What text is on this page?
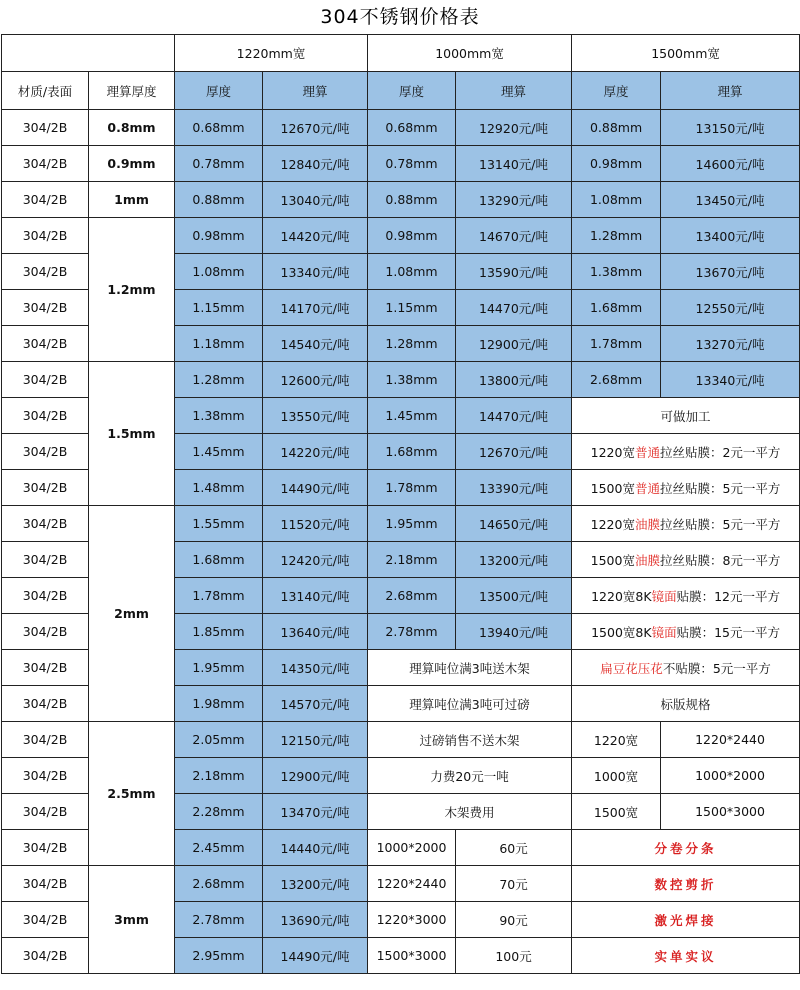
304不锈钢价格表
		1220mm宽		1000mm宽		1500mm宽	
材质/表面	理算厚度	厚度	理算	厚度	理算	厚度	理算
304/2B	0.8mm	0.68mm	12670元/吨	0.68mm	12920元/吨	0.88mm	13150元/吨
304/2B	0.9mm	0.78mm	12840元/吨	0.78mm	13140元/吨	0.98mm	14600元/吨
304/2B	1mm	0.88mm	13040元/吨	0.88mm	13290元/吨	1.08mm	13450元/吨
304/2B	1.2mm	0.98mm	14420元/吨	0.98mm	14670元/吨	1.28mm	13400元/吨
304/2B		1.08mm	13340元/吨	1.08mm	13590元/吨	1.38mm	13670元/吨
304/2B		1.15mm	14170元/吨	1.15mm	14470元/吨	1.68mm	12550元/吨
304/2B		1.18mm	14540元/吨	1.28mm	12900元/吨	1.78mm	13270元/吨
304/2B	1.5mm	1.28mm	12600元/吨	1.38mm	13800元/吨	2.68mm	13340元/吨
304/2B		1.38mm	13550元/吨	1.45mm	14470元/吨	可做加工	
304/2B		1.45mm	14220元/吨	1.68mm	12670元/吨	1220宽普通拉丝贴膜：2元一平方	
304/2B		1.48mm	14490元/吨	1.78mm	13390元/吨	1500宽普通拉丝贴膜：5元一平方	
304/2B	2mm	1.55mm	11520元/吨	1.95mm	14650元/吨	1220宽油膜拉丝贴膜：5元一平方	
304/2B		1.68mm	12420元/吨	2.18mm	13200元/吨	1500宽油膜拉丝贴膜：8元一平方	
304/2B		1.78mm	13140元/吨	2.68mm	13500元/吨	1220宽8K镜面贴膜：12元一平方	
304/2B		1.85mm	13640元/吨	2.78mm	13940元/吨	1500宽8K镜面贴膜：15元一平方	
304/2B		1.95mm	14350元/吨	理算吨位满3吨送木架		扁豆花压花不贴膜：5元一平方	
304/2B		1.98mm	14570元/吨	理算吨位满3吨可过磅		标版规格	
304/2B	2.5mm	2.05mm	12150元/吨	过磅销售不送木架		1220宽	1220*2440
304/2B		2.18mm	12900元/吨	力费20元一吨		1000宽	1000*2000
304/2B		2.28mm	13470元/吨	木架费用		1500宽	1500*3000
304/2B		2.45mm	14440元/吨	1000*2000	60元	分卷分条	
304/2B	3mm	2.68mm	13200元/吨	1220*2440	70元	数控剪折	
304/2B		2.78mm	13690元/吨	1220*3000	90元	激光焊接	
304/2B		2.95mm	14490元/吨	1500*3000	100元	实单实议	
